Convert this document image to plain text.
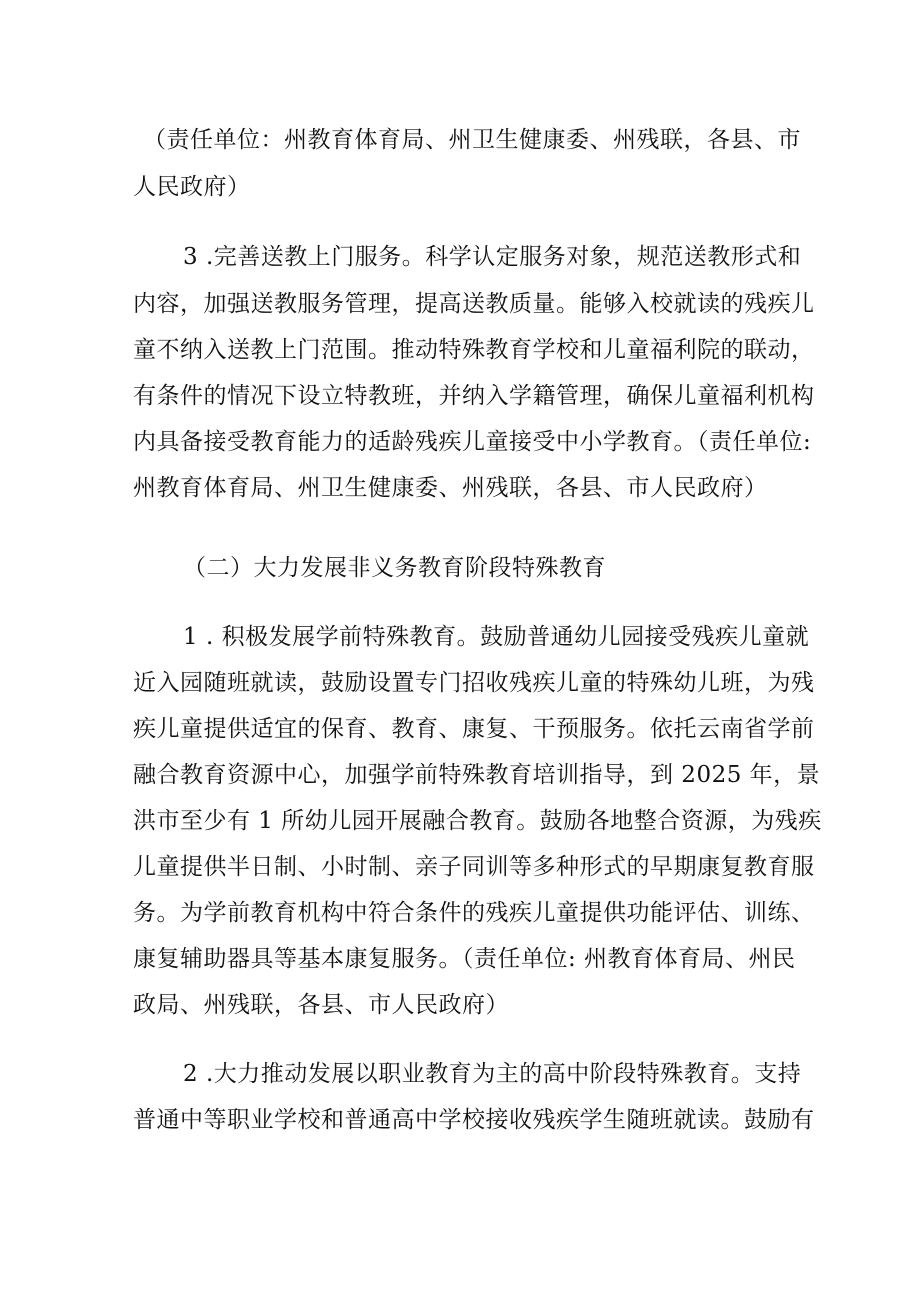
（责任单位：州教育体育局、州卫生健康委、州残联，各县、市
人民政府）
3 .完善送教上门服务。科学认定服务对象，规范送教形式和
内容，加强送教服务管理，提高送教质量。能够入校就读的残疾儿
童不纳入送教上门范围。推动特殊教育学校和儿童福利院的联动，
有条件的情况下设立特教班，并纳入学籍管理，确保儿童福利机构
内具备接受教育能力的适龄残疾儿童接受中小学教育。（责任单位:
州教育体育局、州卫生健康委、州残联，各县、市人民政府）
（二）大力发展非义务教育阶段特殊教育
1 . 积极发展学前特殊教育。鼓励普通幼儿园接受残疾儿童就
近入园随班就读，鼓励设置专门招收残疾儿童的特殊幼儿班，为残
疾儿童提供适宜的保育、教育、康复、干预服务。依托云南省学前
融合教育资源中心，加强学前特殊教育培训指导，到 2025 年，景
洪市至少有 1 所幼儿园开展融合教育。鼓励各地整合资源，为残疾
儿童提供半日制、小时制、亲子同训等多种形式的早期康复教育服
务。为学前教育机构中符合条件的残疾儿童提供功能评估、训练、
康复辅助器具等基本康复服务。（责任单位: 州教育体育局、州民
政局、州残联，各县、市人民政府）
2 .大力推动发展以职业教育为主的高中阶段特殊教育。支持
普通中等职业学校和普通高中学校接收残疾学生随班就读。鼓励有
